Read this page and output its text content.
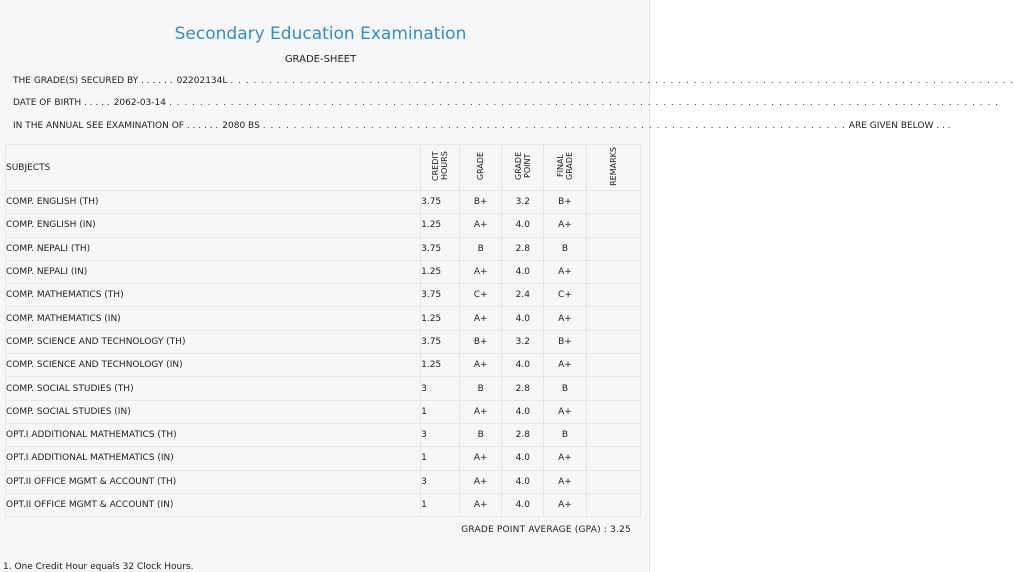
Secondary Education Examination
GRADE-SHEET
THE GRADE(S) SECURED BY . . . . . . 02202134L . . . . . . . . . . . . . . . . . . . . . . . . . . . . . . . . . . . . . . . . . . . . . . . . . . . . . . . . . . . . . . . . . . . . . . . . . . . . . . . . . . . . . . . . . . . . . . . . . . . . . .
DATE OF BIRTH . . . . . 2062-03-14 . . . . . . . . . . . . . . . . . . . . . . . . . . . . . . . . . . . . . . . . . . . . . . . . . . . . . . . . . . . . . . . . . . . . . . . . . . . . . . . . . . . . . . . . . . . . . . . . . . . . . . . . . . . .
IN THE ANNUAL SEE EXAMINATION OF . . . . . . 2080 BS . . . . . . . . . . . . . . . . . . . . . . . . . . . . . . . . . . . . . . . . . . . . . . . . . . . . . . . . . . . . . . . . . . . . . . . . . . . . ARE GIVEN BELOW . . .
SUBJECTS	CREDIT HOURS	GRADE	GRADE POINT	FINAL GRADE	REMARKS
COMP. ENGLISH (TH)	3.75	B+	3.2	B+	
COMP. ENGLISH (IN)	1.25	A+	4.0	A+	
COMP. NEPALI (TH)	3.75	B	2.8	B	
COMP. NEPALI (IN)	1.25	A+	4.0	A+	
COMP. MATHEMATICS (TH)	3.75	C+	2.4	C+	
COMP. MATHEMATICS (IN)	1.25	A+	4.0	A+	
COMP. SCIENCE AND TECHNOLOGY (TH)	3.75	B+	3.2	B+	
COMP. SCIENCE AND TECHNOLOGY (IN)	1.25	A+	4.0	A+	
COMP. SOCIAL STUDIES (TH)	3	B	2.8	B	
COMP. SOCIAL STUDIES (IN)	1	A+	4.0	A+	
OPT.I ADDITIONAL MATHEMATICS (TH)	3	B	2.8	B	
OPT.I ADDITIONAL MATHEMATICS (IN)	1	A+	4.0	A+	
OPT.II OFFICE MGMT & ACCOUNT (TH)	3	A+	4.0	A+	
OPT.II OFFICE MGMT & ACCOUNT (IN)	1	A+	4.0	A+	
GRADE POINT AVERAGE (GPA) : 3.25
1. One Credit Hour equals 32 Clock Hours.
